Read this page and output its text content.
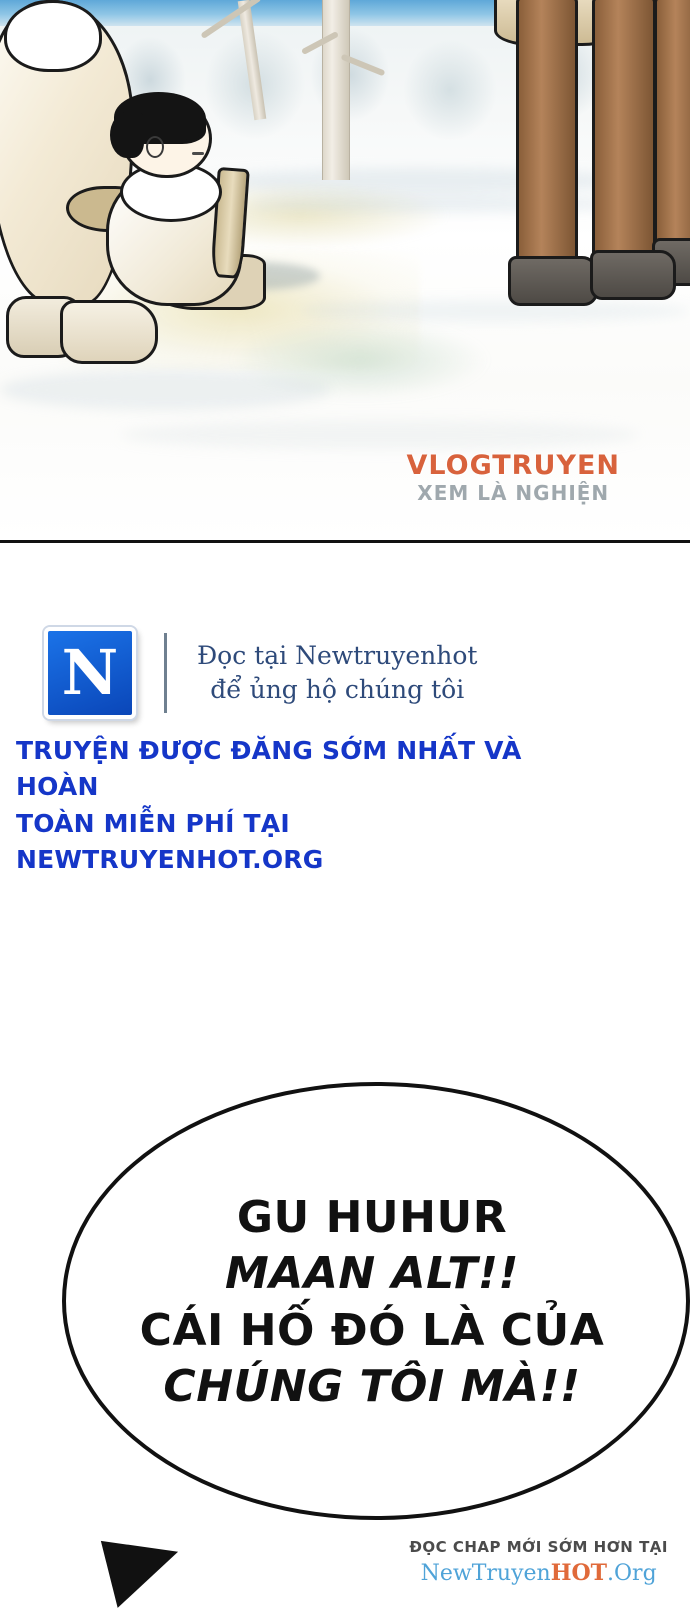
VLOGTRUYEN
XEM LÀ NGHIỆN
N	Đọc tại Newtruyenhot
để ủng hộ chúng tôi
TRUYỆN ĐƯỢC ĐĂNG SỚM NHẤT VÀ HOÀN
TOÀN MIỄN PHÍ TẠI NEWTRUYENHOT.ORG
GU HUHUR
MAAN ALT!!
CÁI HỐ ĐÓ LÀ CỦA
CHÚNG TÔI MÀ!!
ĐỌC CHAP MỚI SỚM HƠN TẠI
NewTruyenHOT.Org
